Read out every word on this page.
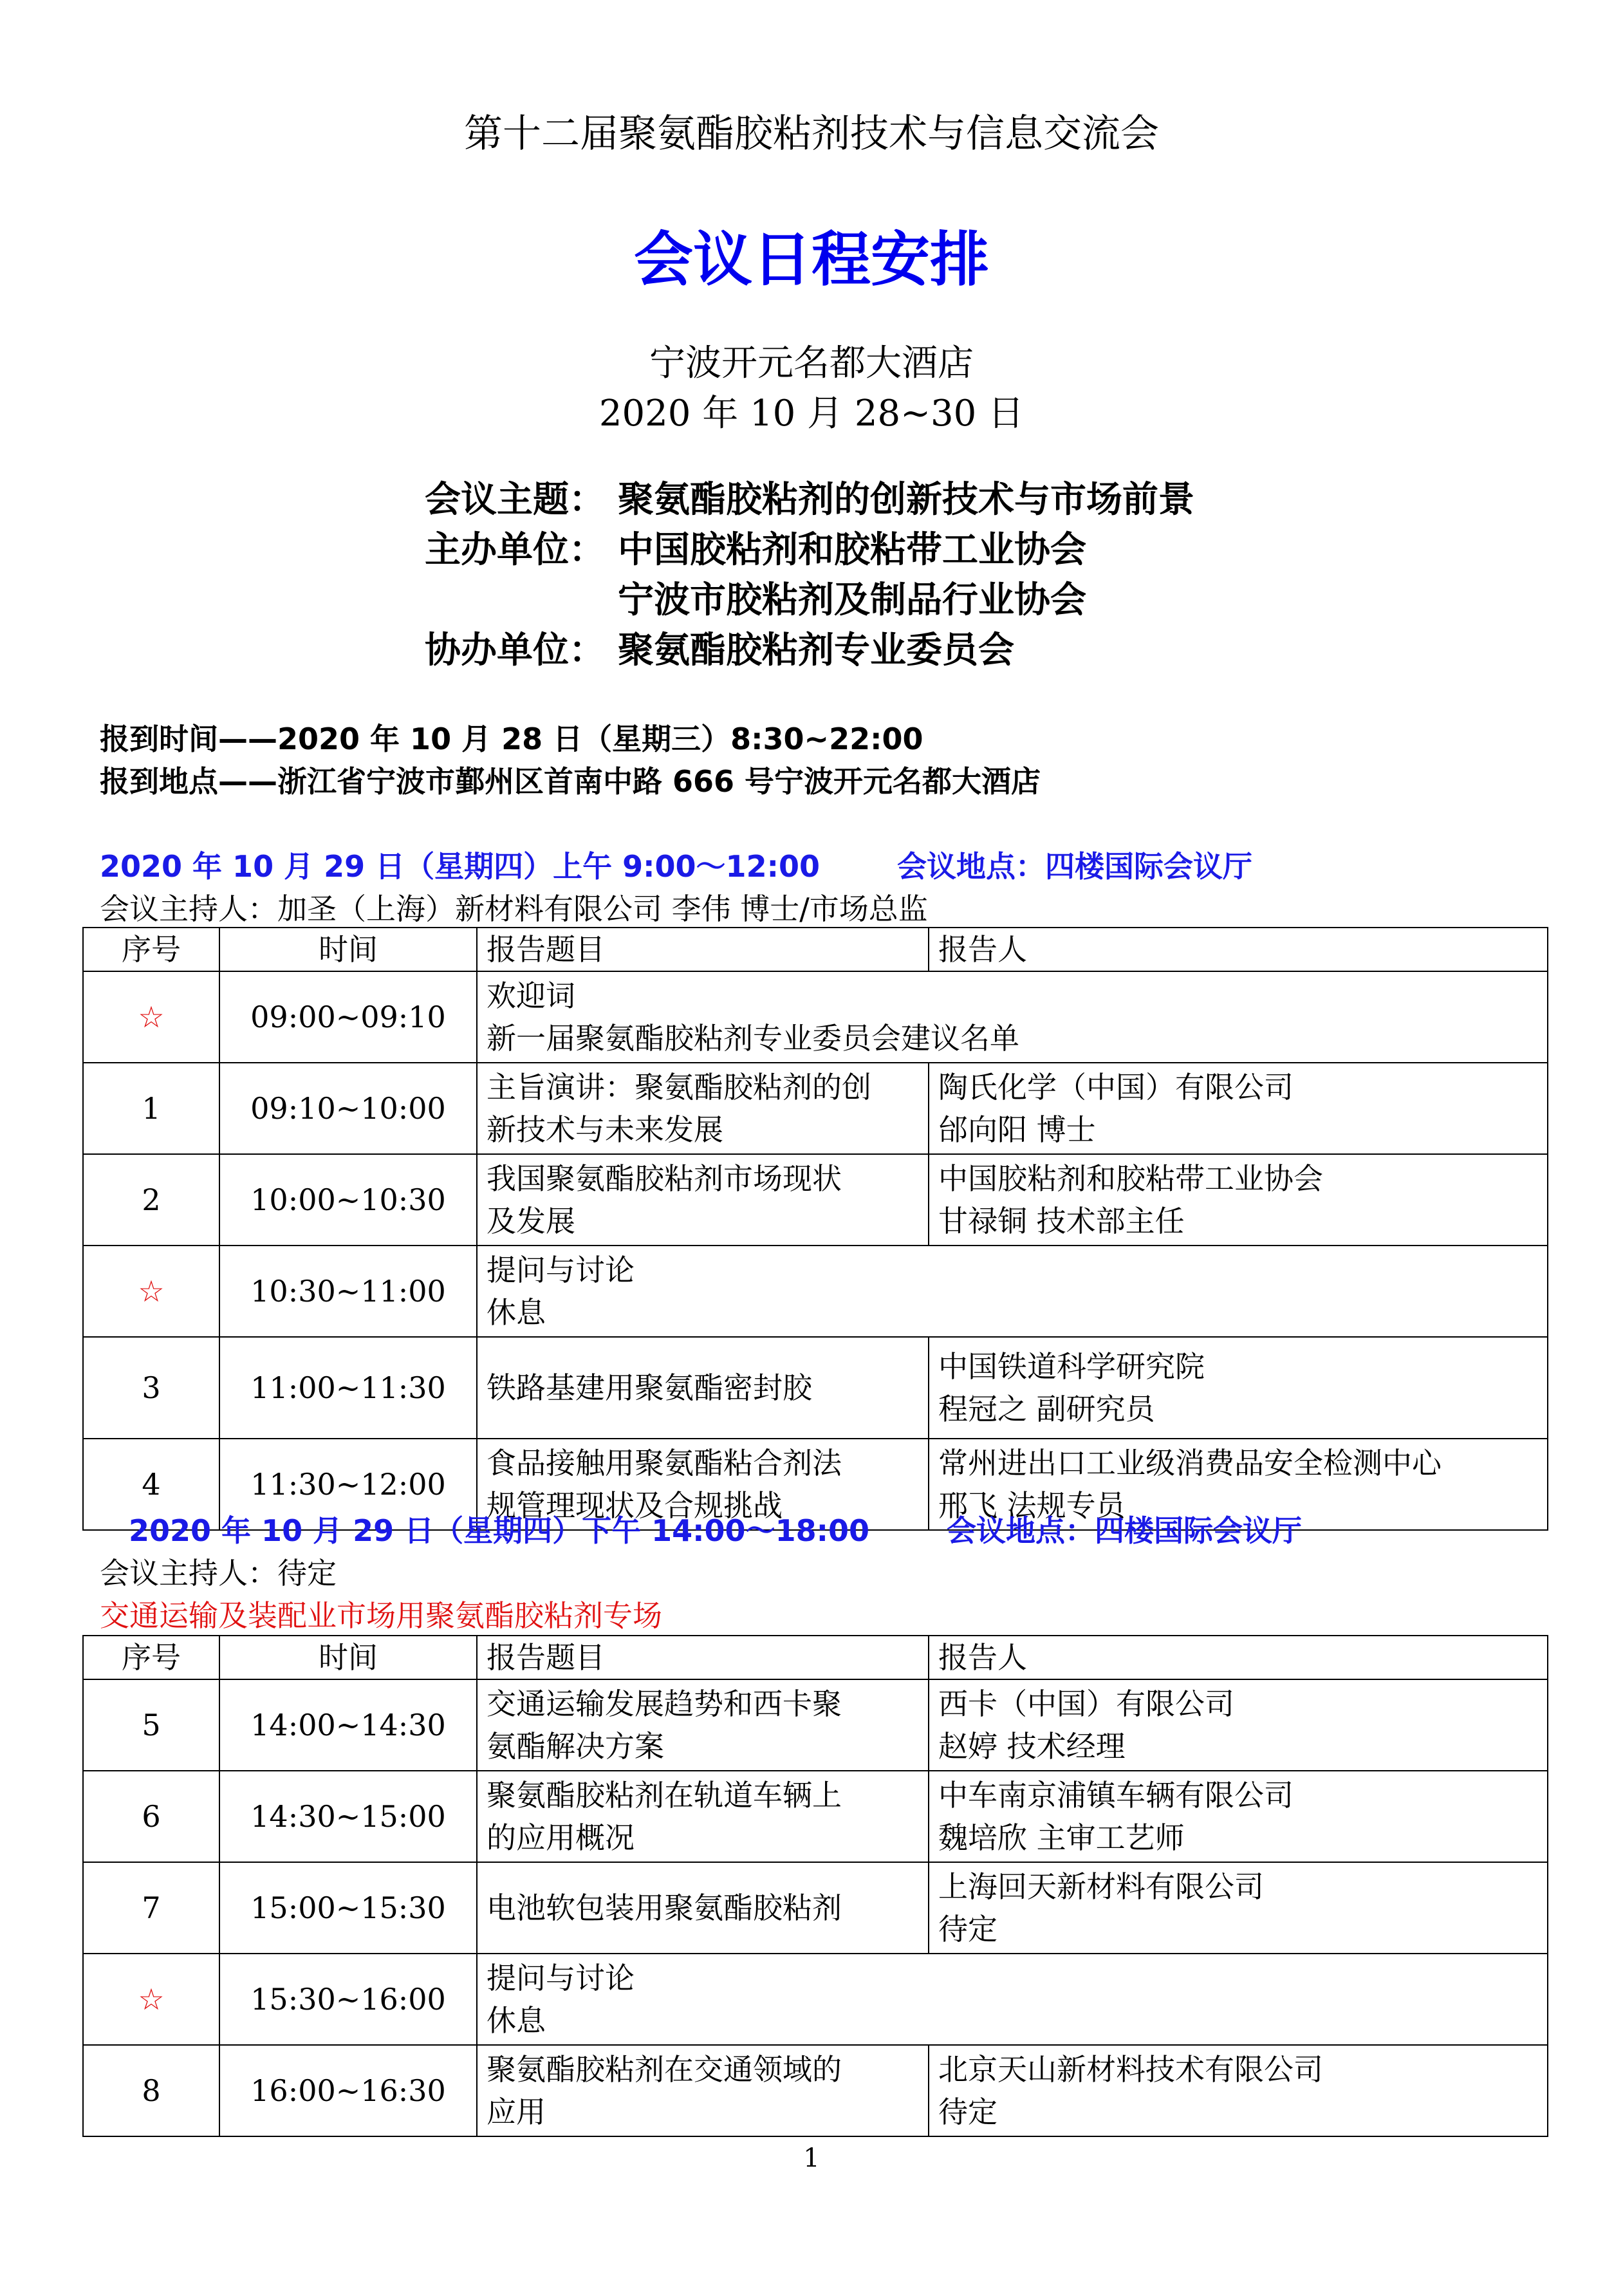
第十二届聚氨酯胶粘剂技术与信息交流会
会议日程安排
宁波开元名都大酒店
2020 年 10 月 28~30 日
会议主题： 聚氨酯胶粘剂的创新技术与市场前景
主办单位： 中国胶粘剂和胶粘带工业协会
宁波市胶粘剂及制品行业协会
协办单位： 聚氨酯胶粘剂专业委员会
报到时间——2020 年 10 月 28 日（星期三）8:30~22:00
报到地点——浙江省宁波市鄞州区首南中路 666 号宁波开元名都大酒店
2020 年 10 月 29 日（星期四）上午 9:00～12:00	会议地点：四楼国际会议厅
会议主持人：加圣（上海）新材料有限公司 李伟 博士/市场总监
序号	时间	报告题目	报告人
☆	09:00~09:10	欢迎词
新一届聚氨酯胶粘剂专业委员会建议名单	

1	09:10~10:00	主旨演讲：聚氨酯胶粘剂的创
新技术与未来发展	陶氏化学（中国）有限公司
邰向阳 博士

2	10:00~10:30	我国聚氨酯胶粘剂市场现状
及发展	中国胶粘剂和胶粘带工业协会
甘禄铜 技术部主任

☆	10:30~11:00	提问与讨论
休息	

3	11:00~11:30	铁路基建用聚氨酯密封胶	中国铁道科学研究院
程冠之 副研究员

4	11:30~12:00	食品接触用聚氨酯粘合剂法
规管理现状及合规挑战	常州进出口工业级消费品安全检测中心
邢飞 法规专员
2020 年 10 月 29 日（星期四）下午 14:00～18:00	会议地点：四楼国际会议厅
会议主持人：待定
交通运输及装配业市场用聚氨酯胶粘剂专场
序号	时间	报告题目	报告人
5	14:00~14:30	交通运输发展趋势和西卡聚
氨酯解决方案	西卡（中国）有限公司
赵婷 技术经理

6	14:30~15:00	聚氨酯胶粘剂在轨道车辆上
的应用概况	中车南京浦镇车辆有限公司
魏培欣 主审工艺师

7	15:00~15:30	电池软包装用聚氨酯胶粘剂	上海回天新材料有限公司
待定

☆	15:30~16:00	提问与讨论
休息	

8	16:00~16:30	聚氨酯胶粘剂在交通领域的
应用	北京天山新材料技术有限公司
待定
1
